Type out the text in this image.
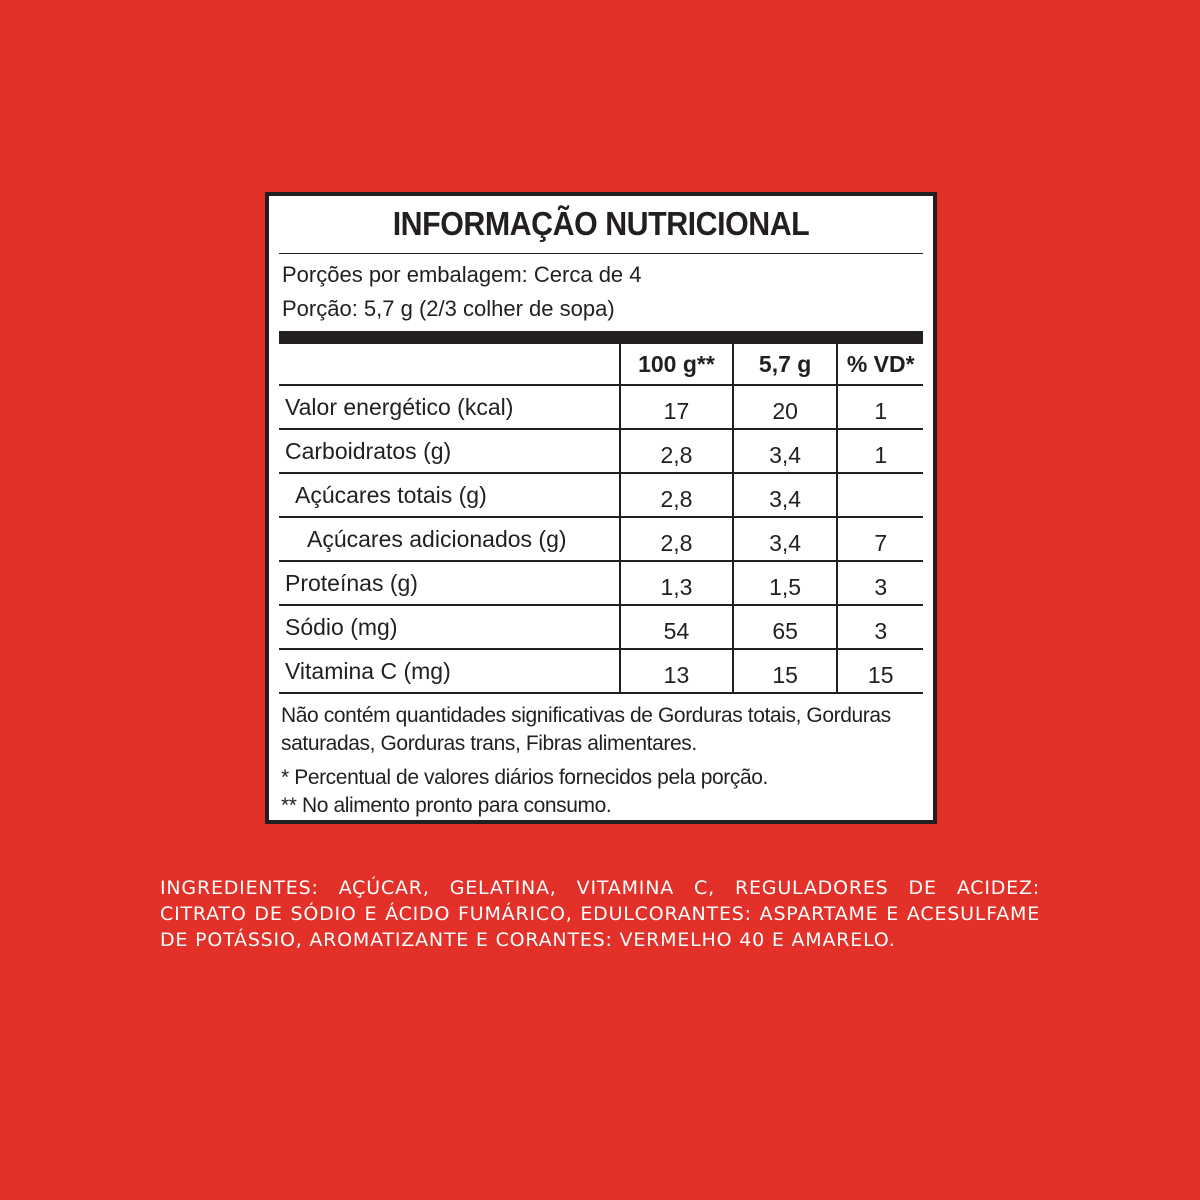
INFORMAÇÃO NUTRICIONAL
Porções por embalagem: Cerca de 4
Porção: 5,7 g (2/3 colher de sopa)
	100 g**	5,7 g	% VD*
Valor energético (kcal)	17	20	1
Carboidratos (g)	2,8	3,4	1
Açúcares totais (g)	2,8	3,4	
Açúcares adicionados (g)	2,8	3,4	7
Proteínas (g)	1,3	1,5	3
Sódio (mg)	54	65	3
Vitamina C (mg)	13	15	15
Não contém quantidades significativas de Gorduras totais, Gorduras saturadas, Gorduras trans, Fibras alimentares.
* Percentual de valores diários fornecidos pela porção.
** No alimento pronto para consumo.
INGREDIENTES: AÇÚCAR, GELATINA, VITAMINA C, REGULADORES DE ACIDEZ: CITRATO DE SÓDIO E ÁCIDO FUMÁRICO, EDULCORANTES: ASPARTAME E ACESULFAME DE POTÁSSIO, AROMATIZANTE E CORANTES: VERMELHO 40 E AMARELO.
